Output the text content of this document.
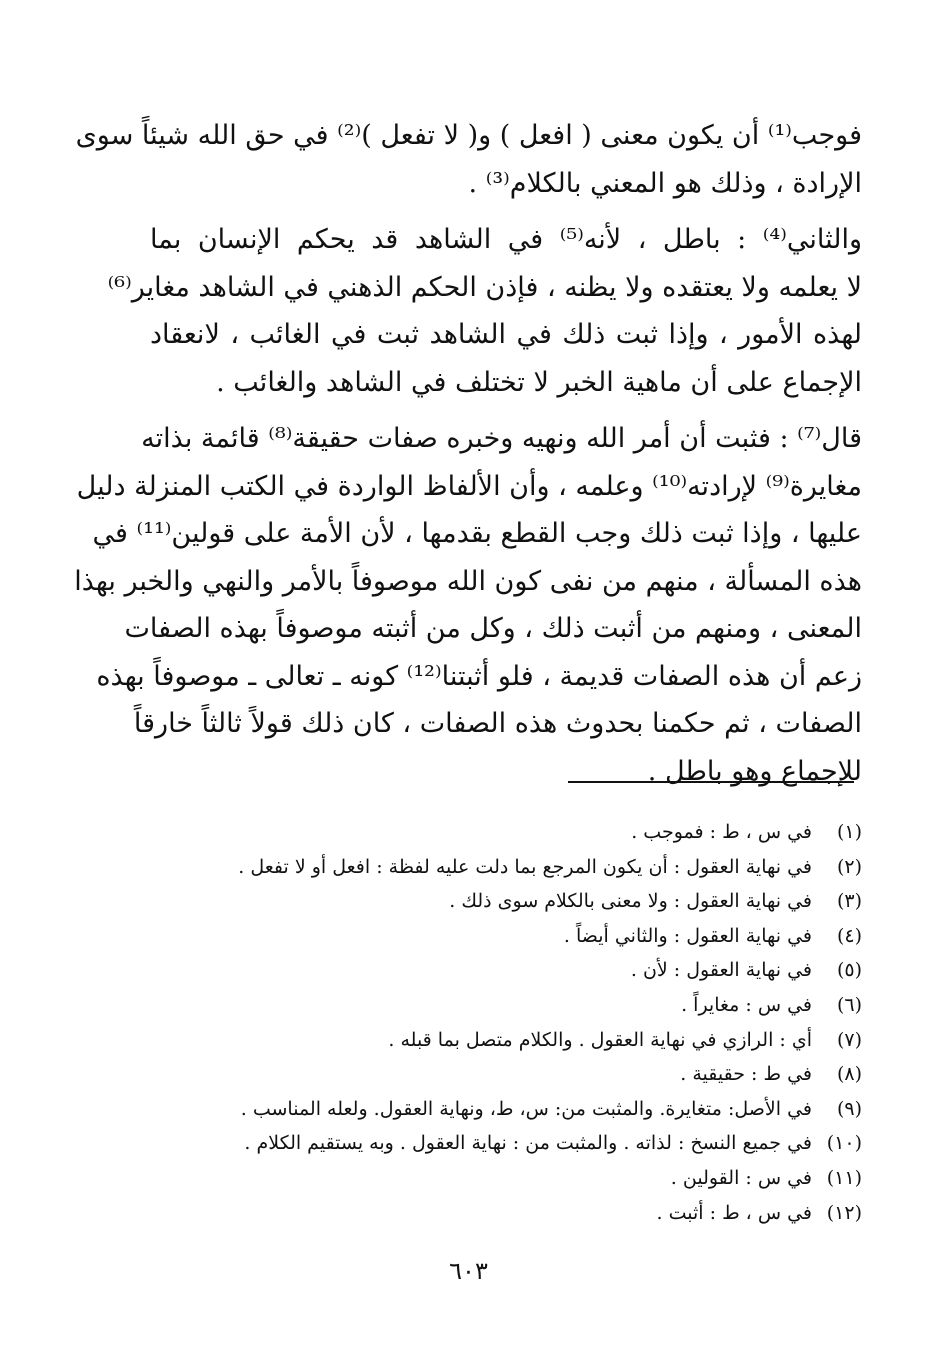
فوجب⁽¹⁾ أن يكون معنى ( افعل ) و( لا تفعل )⁽²⁾ في حق الله شيئاً سوى
الإرادة ، وذلك هو المعني بالكلام⁽³⁾ .
والثاني⁽⁴⁾ : باطل ، لأنه⁽⁵⁾ في الشاهد قد يحكم الإنسان بما
لا يعلمه ولا يعتقده ولا يظنه ، فإذن الحكم الذهني في الشاهد مغاير⁽⁶⁾
لهذه الأمور ، وإذا ثبت ذلك في الشاهد ثبت في الغائب ، لانعقاد
الإجماع على أن ماهية الخبر لا تختلف في الشاهد والغائب .
قال⁽⁷⁾ : فثبت أن أمر الله ونهيه وخبره صفات حقيقة⁽⁸⁾ قائمة بذاته
مغايرة⁽⁹⁾ لإرادته⁽¹⁰⁾ وعلمه ، وأن الألفاظ الواردة في الكتب المنزلة دليل
عليها ، وإذا ثبت ذلك وجب القطع بقدمها ، لأن الأمة على قولين⁽¹¹⁾ في
هذه المسألة ، منهم من نفى كون الله موصوفاً بالأمر والنهي والخبر بهذا
المعنى ، ومنهم من أثبت ذلك ، وكل من أثبته موصوفاً بهذه الصفات
زعم أن هذه الصفات قديمة ، فلو أثبتنا⁽¹²⁾ كونه ـ تعالى ـ موصوفاً بهذه
الصفات ، ثم حكمنا بحدوث هذه الصفات ، كان ذلك قولاً ثالثاً خارقاً
للإجماع وهو باطل .
(١)
في س ، ط : فموجب .
(٢)
في نهاية العقول : أن يكون المرجع بما دلت عليه لفظة : افعل أو لا تفعل .
(٣)
في نهاية العقول : ولا معنى بالكلام سوى ذلك .
(٤)
في نهاية العقول : والثاني أيضاً .
(٥)
في نهاية العقول : لأن .
(٦)
في س : مغايراً .
(٧)
أي : الرازي في نهاية العقول . والكلام متصل بما قبله .
(٨)
في ط : حقيقية .
(٩)
في الأصل: متغايرة. والمثبت من: س، ط، ونهاية العقول. ولعله المناسب .
(١٠)
في جميع النسخ : لذاته . والمثبت من : نهاية العقول . وبه يستقيم الكلام .
(١١)
في س : القولين .
(١٢)
في س ، ط : أثبت .
٦٠٣
